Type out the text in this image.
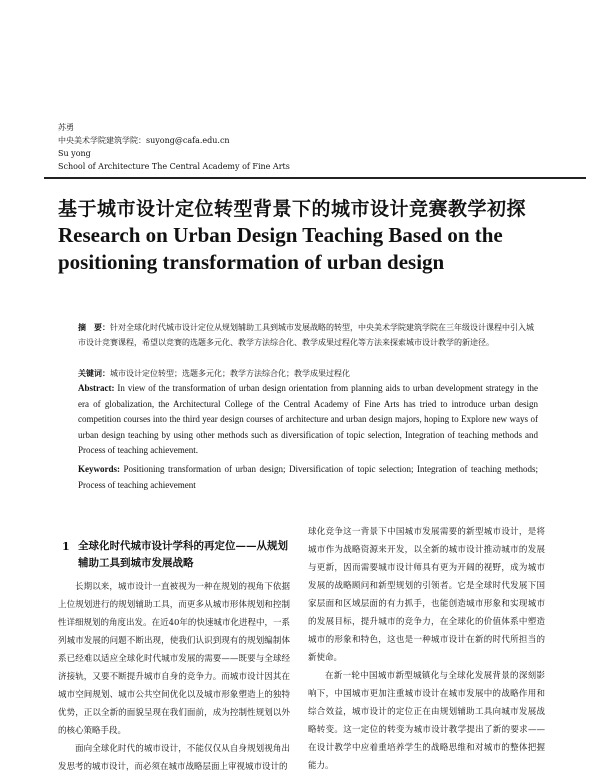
苏勇
中央美术学院建筑学院：suyong@cafa.edu.cn
Su yong
School of Architecture The Central Academy of Fine Arts
基于城市设计定位转型背景下的城市设计竞赛教学初探
Research on Urban Design Teaching Based on the positioning transformation of urban design
摘　要：针对全球化时代城市设计定位从规划辅助工具到城市发展战略的转型，中央美术学院建筑学院在三年级设计课程中引入城市设计竞赛课程，希望以竞赛的选题多元化、教学方法综合化、教学成果过程化等方法来探索城市设计教学的新途径。
关键词：城市设计定位转型；选题多元化；教学方法综合化；教学成果过程化
Abstract: In view of the transformation of urban design orientation from planning aids to urban development strategy in the era of globalization, the Architectural College of the Central Academy of Fine Arts has tried to introduce urban design competition courses into the third year design courses of architecture and urban design majors, hoping to Explore new ways of urban design teaching by using other methods such as diversification of topic selection, Integration of teaching methods and Process of teaching achievement.
Keywords: Positioning transformation of urban design; Diversification of topic selection; Integration of teaching methods; Process of teaching achievement
1 全球化时代城市设计学科的再定位——从规划辅助工具到城市发展战略

长期以来，城市设计一直被视为一种在规划的视角下依据上位规划进行的规划辅助工具，而更多从城市形体规划和控制性详细规划的角度出发。在近40年的快速城市化进程中，一系列城市发展的问题不断出现，使我们认识到现有的规划编制体系已经难以适应全球化时代城市发展的需要——既要与全球经济接轨，又要不断提升城市自身的竞争力。而城市设计因其在城市空间规划、城市公共空间优化以及城市形象塑造上的独特优势，正以全新的面貌呈现在我们面前，成为控制性规划以外的核心策略手段。

面向全球化时代的城市设计，不能仅仅从自身规划视角出发思考的城市设计，而必须在城市战略层面上审视城市设计的

球化竞争这一背景下中国城市发展需要的新型城市设计，是将城市作为战略资源来开发，以全新的城市设计推动城市的发展与更新，因而需要城市设计师具有更为开阔的视野，成为城市发展的战略顾问和新型规划的引领者。它是全球时代发展下国家层面和区域层面的有力抓手，也能创造城市形象和实现城市的发展目标，提升城市的竞争力，在全球化的价值体系中塑造城市的形象和特色，这也是一种城市设计在新的时代所担当的新使命。

在新一轮中国城市新型城镇化与全球化发展背景的深刻影响下，中国城市更加注重城市设计在城市发展中的战略作用和综合效益，城市设计的定位正在由规划辅助工具向城市发展战略转变。这一定位的转变为城市设计教学提出了新的要求——在设计教学中应着重培养学生的战略思维和对城市的整体把握能力。
